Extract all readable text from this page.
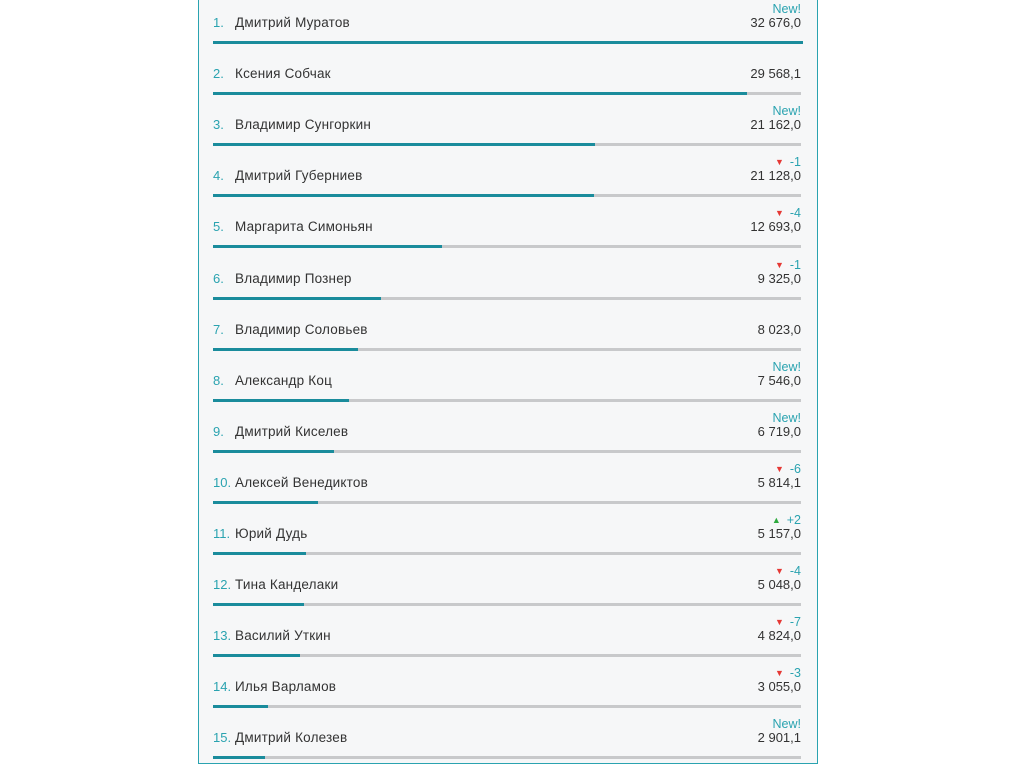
1. Дмитрий Муратов
New!
32 676,0
2. Ксения Собчак	29 568,1
3. Владимир Сунгоркин
New!
21 162,0
4. Дмитрий Губерниев
▼ -1
21 128,0
5. Маргарита Симоньян
▼ -4
12 693,0
6. Владимир Познер
▼ -1
9 325,0
7. Владимир Соловьев	8 023,0
8. Александр Коц
New!
7 546,0
9. Дмитрий Киселев
New!
6 719,0
10. Алексей Венедиктов
▼ -6
5 814,1
11. Юрий Дудь
▲ +2
5 157,0
12. Тина Канделаки
▼ -4
5 048,0
13. Василий Уткин
▼ -7
4 824,0
14. Илья Варламов
▼ -3
3 055,0
15. Дмитрий Колезев
New!
2 901,1
